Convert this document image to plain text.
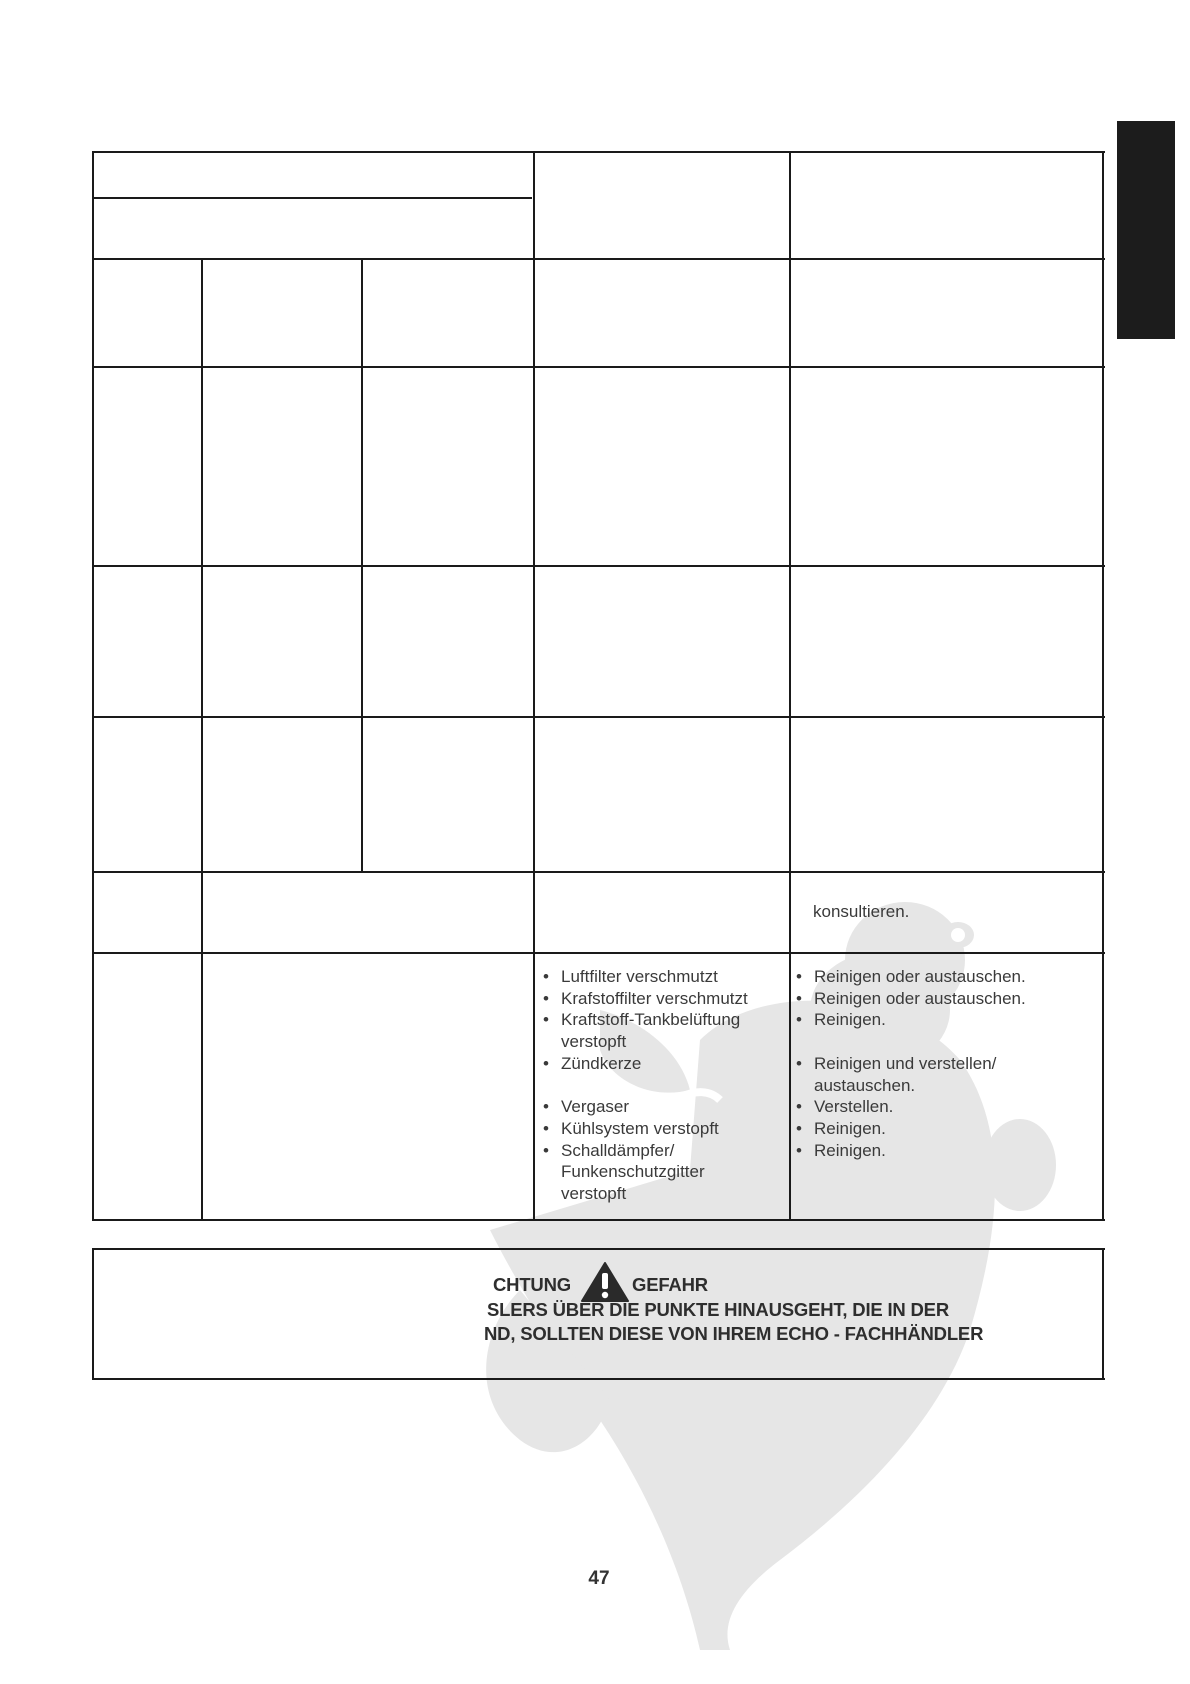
konsultieren.

• Luftfilter verschmutzt
• Krafstoffilter verschmutzt
• Kraftstoff-Tankbelüftung verstopft
• Zündkerze
• Vergaser
• Kühlsystem verstopft
• Schalldämpfer/ Funkenschutzgitter verstopft
• Reinigen oder austauschen.
• Reinigen oder austauschen.
• Reinigen.
• Reinigen und verstellen/ austauschen.
• Verstellen.
• Reinigen.
• Reinigen.
CHTUNG	GEFAHR
SLERS ÜBER DIE PUNKTE HINAUSGEHT, DIE IN DER
ND, SOLLTEN DIESE VON IHREM ECHO - FACHHÄNDLER
47
